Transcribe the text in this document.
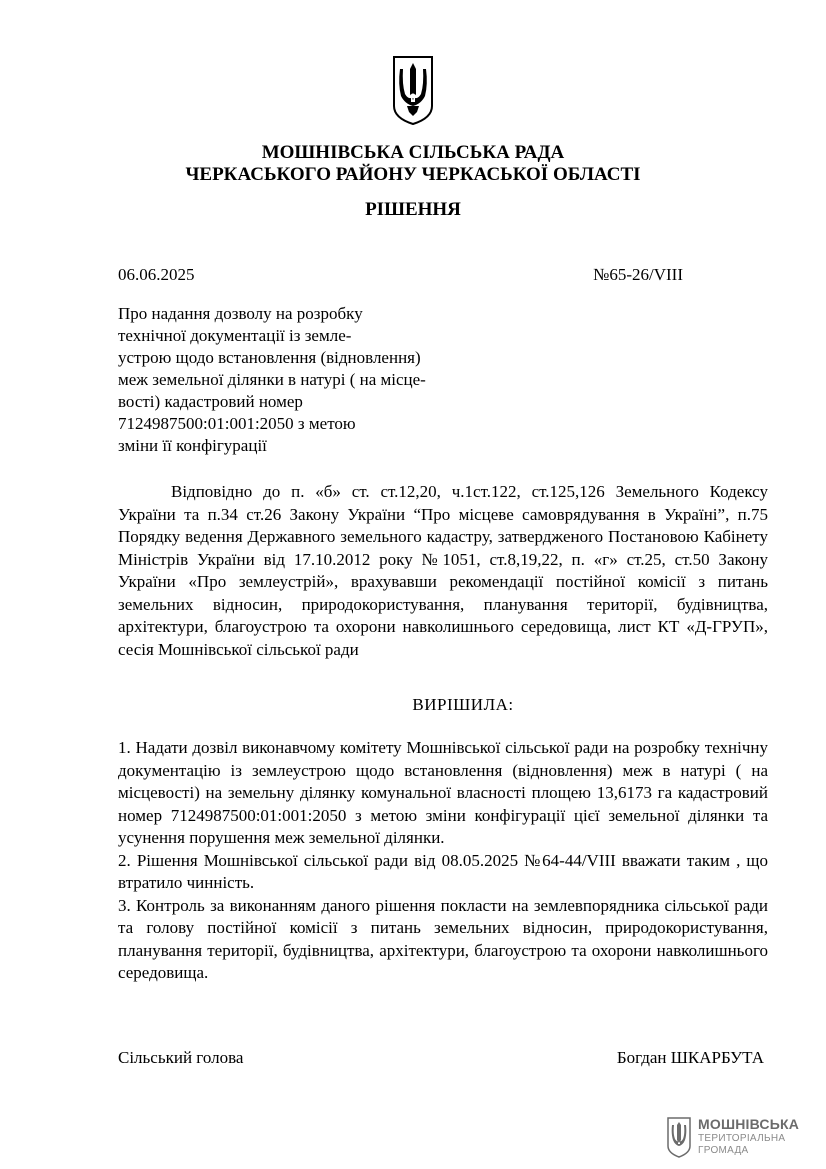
МОШНІВСЬКА СІЛЬСЬКА РАДА
ЧЕРКАСЬКОГО РАЙОНУ ЧЕРКАСЬКОЇ ОБЛАСТІ
РІШЕННЯ
06.06.2025	№65-26/VIII
Про надання дозволу на розробку
технічної документації із земле-
устрою щодо встановлення (відновлення)
меж земельної ділянки в натурі ( на місце-
вості) кадастровий номер
7124987500:01:001:2050 з метою
зміни її конфігурації

Відповідно до п. «б» ст. ст.12,20, ч.1ст.122, ст.125,126 Земельного Кодексу України та п.34 ст.26 Закону України “Про місцеве самоврядування в Україні”, п.75 Порядку ведення Державного земельного кадастру, затвердженого Постановою Кабінету Міністрів України від 17.10.2012 року №1051, ст.8,19,22, п. «г» ст.25, ст.50 Закону України «Про землеустрій», врахувавши рекомендації постійної комісії з питань земельних відносин, природокористування, планування території, будівництва, архітектури, благоустрою та охорони навколишнього середовища, лист КТ «Д-ГРУП», сесія Мошнівської сільської ради

ВИРІШИЛА:

1. Надати дозвіл виконавчому комітету Мошнівської сільської ради на розробку технічну документацію із землеустрою щодо встановлення (відновлення) меж в натурі ( на місцевості) на земельну ділянку комунальної власності площею 13,6173 га кадастровий номер 7124987500:01:001:2050 з метою зміни конфігурації цієї земельної ділянки та усунення порушення меж земельної ділянки.

2. Рішення Мошнівської сільської ради від 08.05.2025 №64-44/VIII вважати таким , що втратило чинність.

3. Контроль за виконанням даного рішення покласти на землевпорядника сільської ради та голову постійної комісії з питань земельних відносин, природокористування, планування території, будівництва, архітектури, благоустрою та охорони навколишнього середовища.

Сільський голова	Богдан ШКАРБУТА
МОШНІВСЬКА
ТЕРИТОРІАЛЬНА
ГРОМАДА
